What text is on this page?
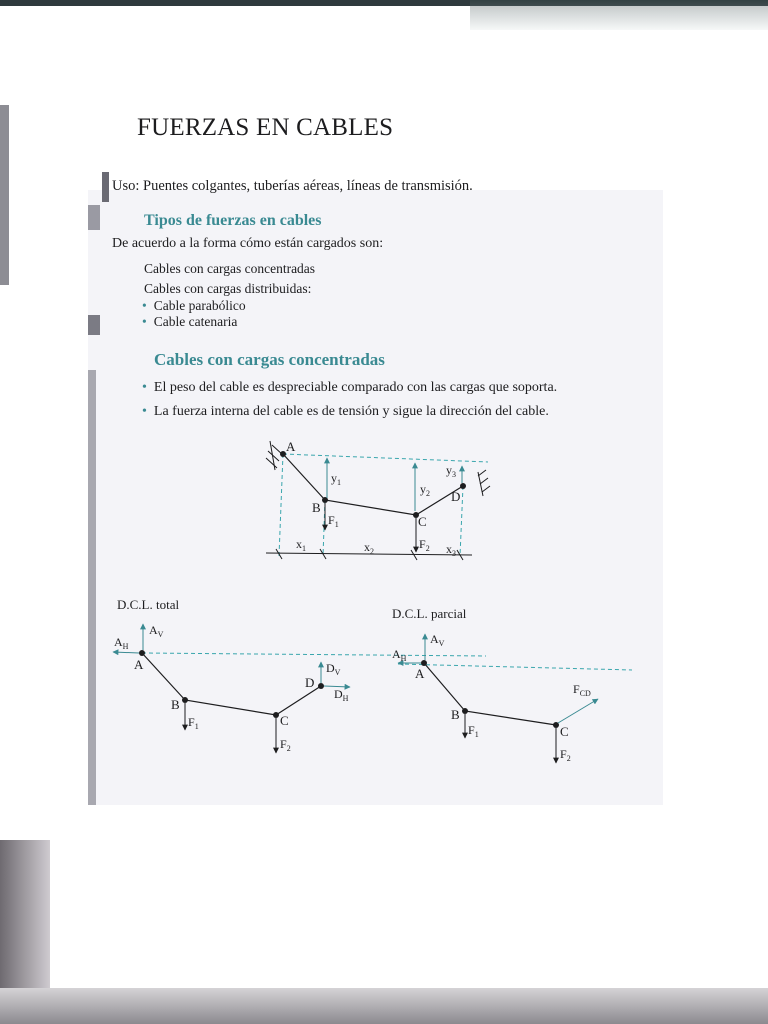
FUERZAS EN CABLES
Uso: Puentes colgantes, tuberías aéreas, líneas de transmisión.
Tipos de fuerzas en cables
De acuerdo a la forma cómo están cargados son:
Cables con cargas concentradas
Cables con cargas distribuidas:
• Cable parabólico
• Cable catenaria
Cables con cargas concentradas
• El peso del cable es despreciable comparado con las cargas que soporta.
• La fuerza interna del cable es de tensión y sigue la dirección del cable.
A
B
C
D
$y_1$	$y_2$
$y_3$
$F_1$
$F_2$
$x_1$	$x_2$	$x_3$
A
B
C
D
$A_H$
$A_V$
$D_V$
$D_H$
$F_1$
$F_2$
A
B
C
$A_H$
$A_V$
$F_{CD}$
$F_1$
$F_2$
D.C.L. total
D.C.L. parcial
